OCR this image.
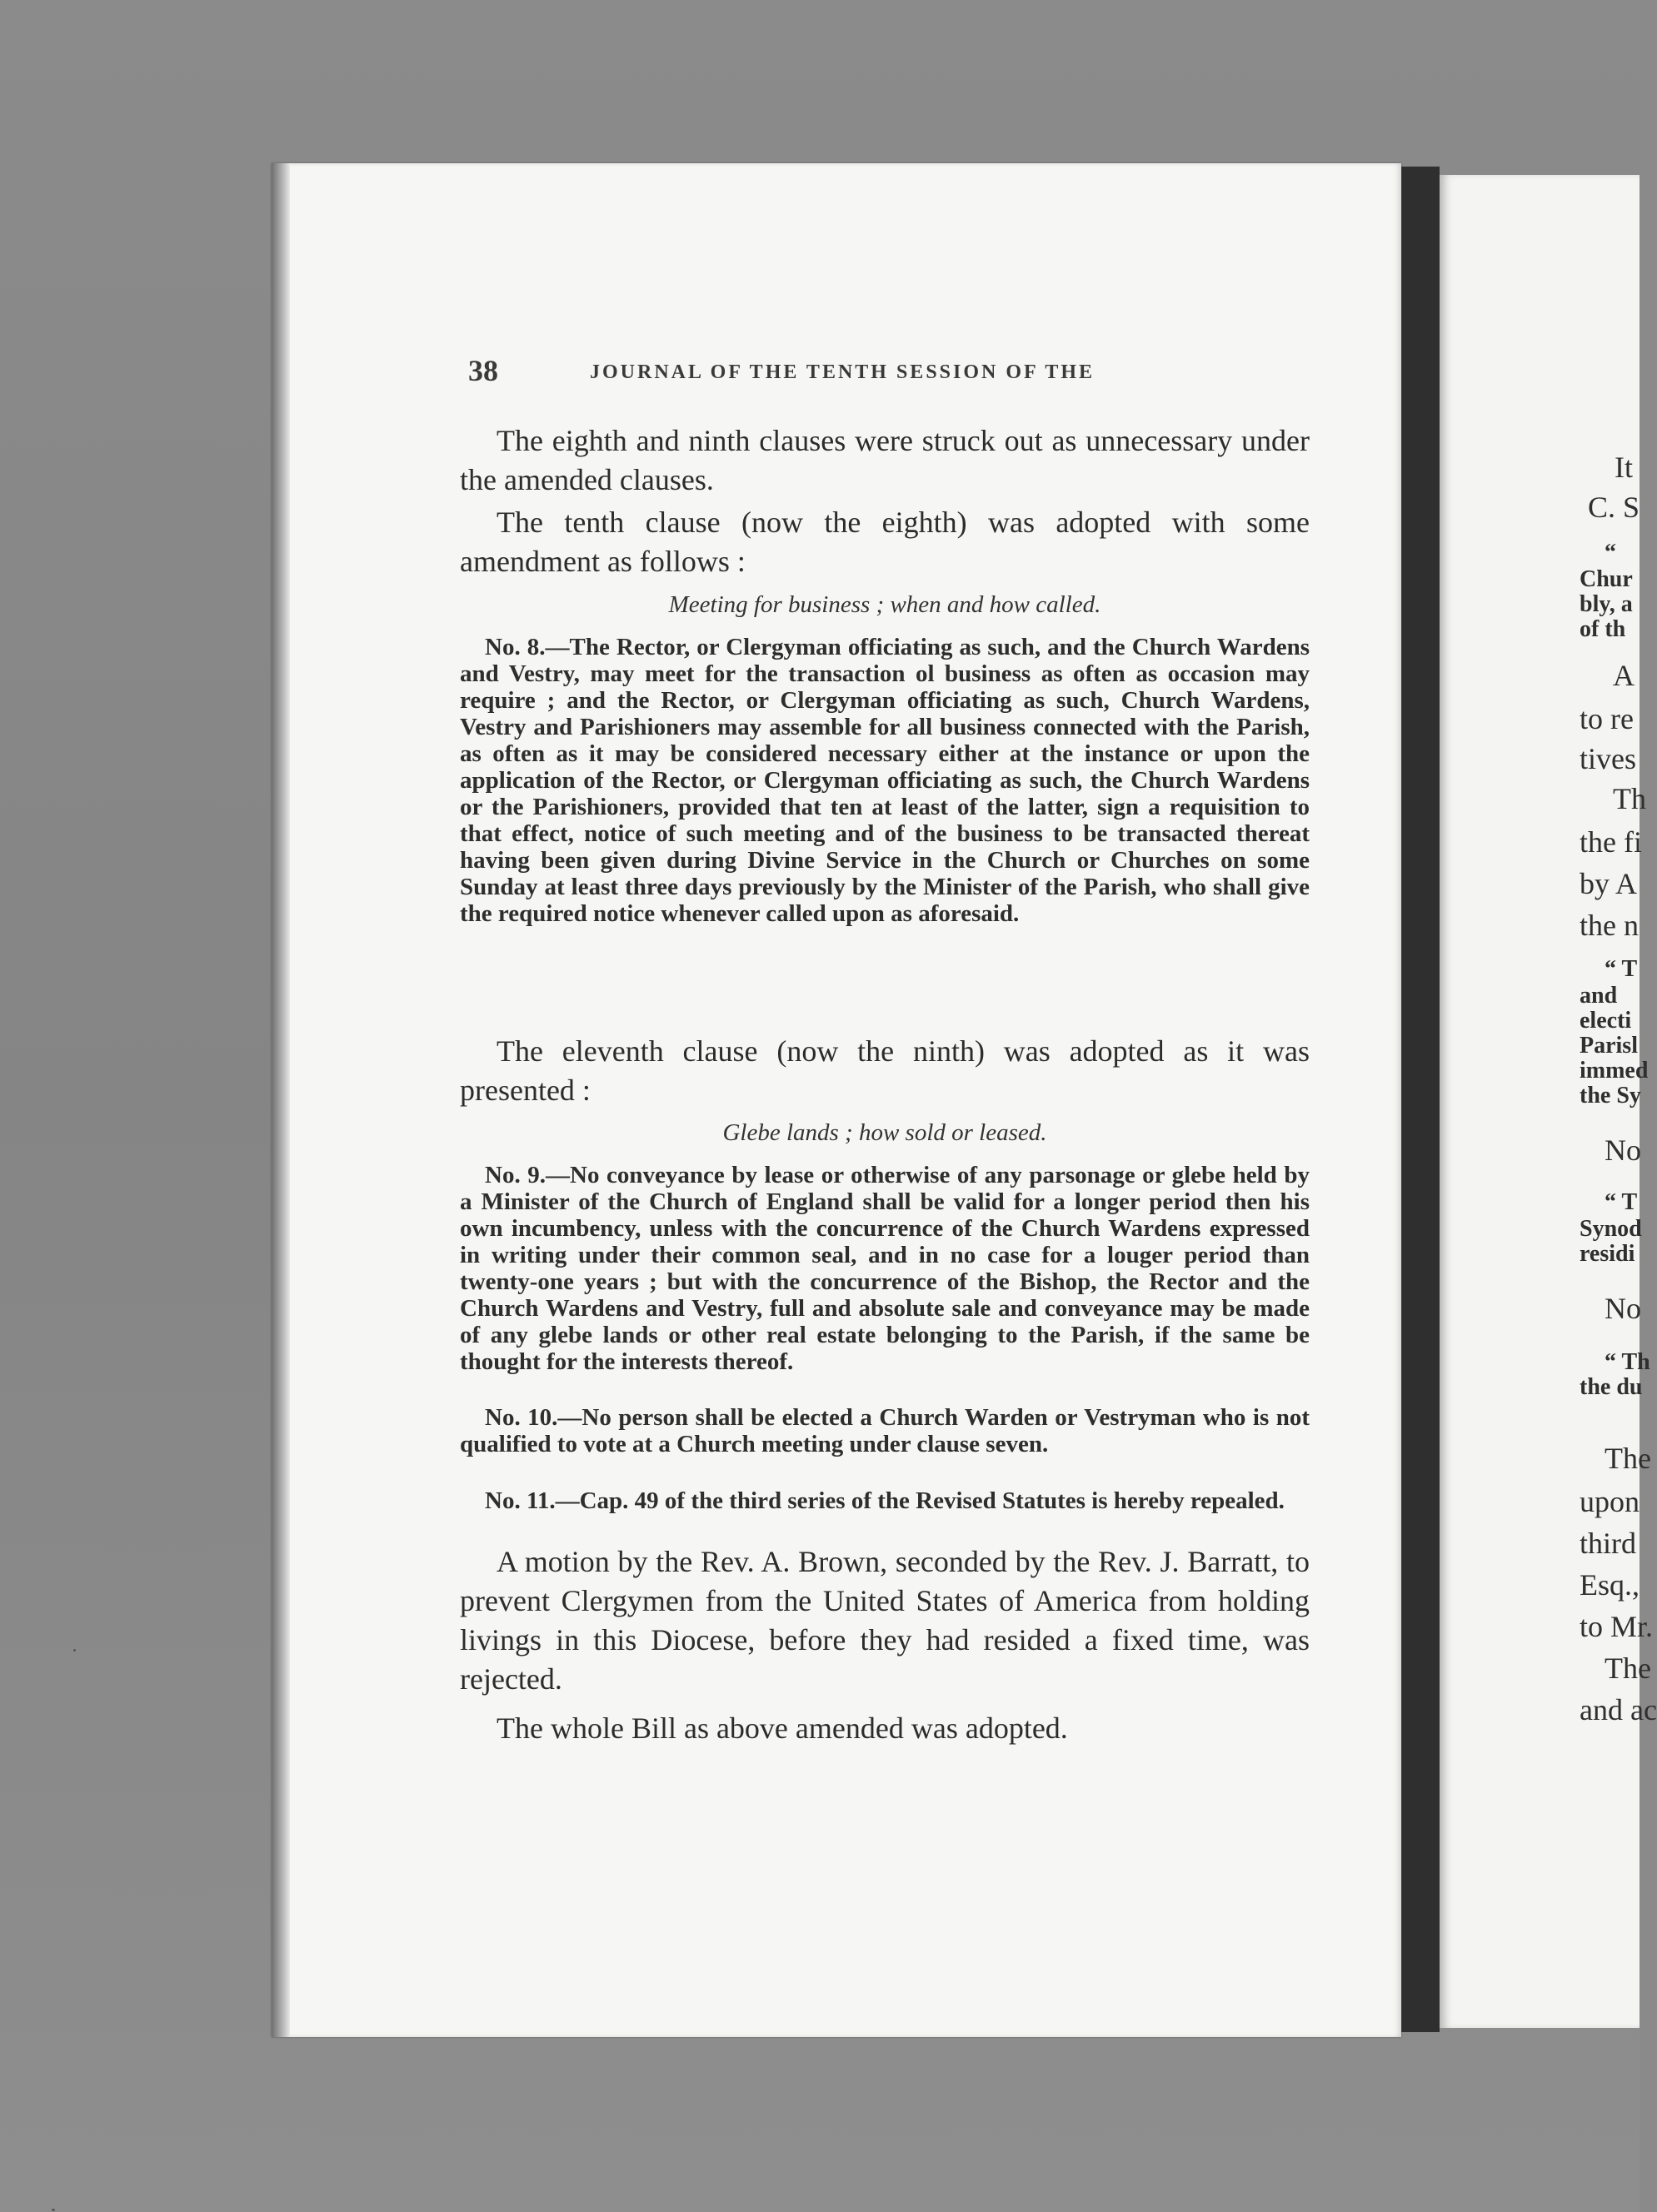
38	JOURNAL OF THE TENTH SESSION OF THE

The eighth and ninth clauses were struck out as unnecessary under the amended clauses.

The tenth clause (now the eighth) was adopted with some amendment as follows :

Meeting for business ; when and how called.

No. 8.—The Rector, or Clergyman officiating as such, and the Church Wardens and Vestry, may meet for the transaction ol business as often as occasion may require ; and the Rector, or Clergyman officiating as such, Church Wardens, Vestry and Parishioners may assemble for all business connected with the Parish, as often as it may be considered necessary either at the instance or upon the application of the Rector, or Clergyman officiating as such, the Church Wardens or the Parishioners, provided that ten at least of the latter, sign a requisition to that effect, notice of such meeting and of the business to be transacted thereat having been given during Divine Service in the Church or Churches on some Sunday at least three days previously by the Minister of the Parish, who shall give the required notice whenever called upon as aforesaid.

The eleventh clause (now the ninth) was adopted as it was presented :

Glebe lands ; how sold or leased.

No. 9.—No conveyance by lease or otherwise of any parsonage or glebe held by a Minister of the Church of England shall be valid for a longer period then his own incumbency, unless with the concurrence of the Church Wardens expressed in writing under their common seal, and in no case for a louger period than twenty-one years ; but with the concurrence of the Bishop, the Rector and the Church Wardens and Vestry, full and absolute sale and conveyance may be made of any glebe lands or other real estate belonging to the Parish, if the same be thought for the interests thereof.

No. 10.—No person shall be elected a Church Warden or Vestryman who is not qualified to vote at a Church meeting under clause seven.

No. 11.—Cap. 49 of the third series of the Revised Statutes is hereby repealed.

A motion by the Rev. A. Brown, seconded by the Rev. J. Barratt, to prevent Clergymen from the United States of America from holding livings in this Diocese, before they had resided a fixed time, was rejected.

The whole Bill as above amended was adopted.

It
C. S
“
Chur
bly, a
of th
A
to re
tives
Th
the fi
by A
the n
“ T
and
electi
Parisl
immed
the Sy
No
“ T
Synod
residi
No
“ Th
the du
The
upon
third
Esq.,
to Mr.
The
and ac
